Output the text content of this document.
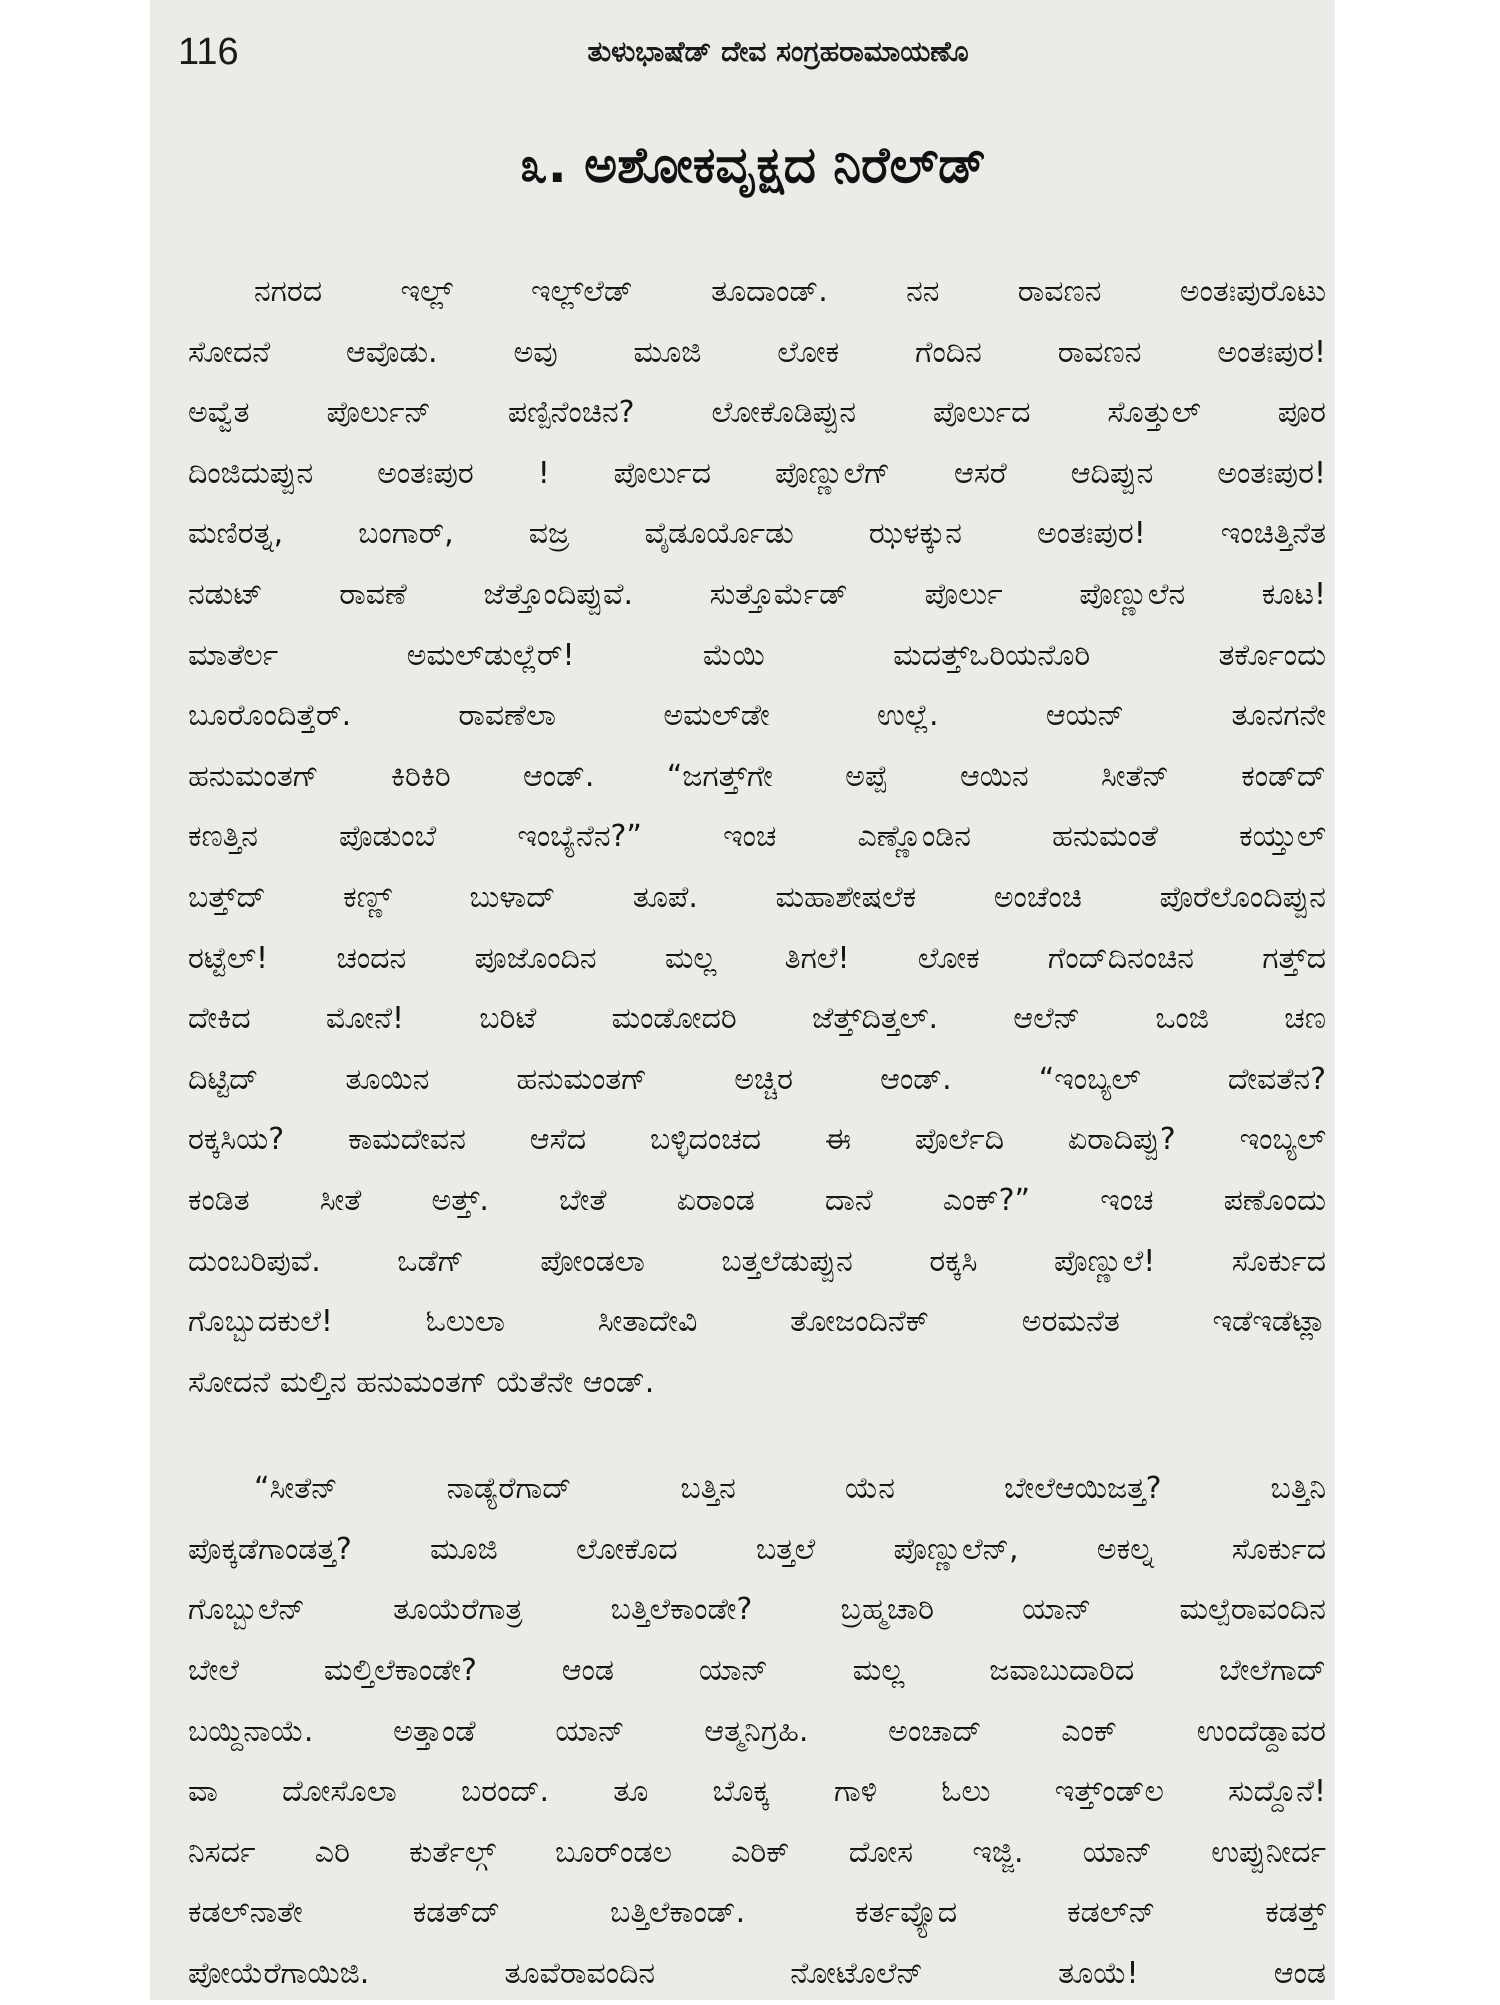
116	ತುಳುಭಾಷೆಡ್ ದೇವ ಸಂಗ್ರಹರಾಮಾಯಣೊ
೩. ಅಶೋಕವೃಕ್ಷದ ನಿರೆಲ್‌ಡ್
ನಗರದ ಇಲ್ಲ್ ಇಲ್ಲ್‌ಲೆಡ್ ತೂದಾಂಡ್. ನನ ರಾವಣನ ಅಂತಃಪುರೊಟು
ಸೋದನೆ ಆವೊಡು. ಅವು ಮೂಜಿ ಲೋಕ ಗೆಂದಿನ ರಾವಣನ ಅಂತಃಪುರ!
ಅವ್ವೆತ ಪೊರ್ಲುನ್ ಪಣ್ಪಿನೆಂಚಿನ? ಲೋಕೊಡಿಪ್ಪುನ ಪೊರ್ಲುದ ಸೊತ್ತುಲ್ ಪೂರ
ದಿಂಜಿದುಪ್ಪುನ ಅಂತಃಪುರ ! ಪೊರ್ಲುದ ಪೊಣ್ಣುಲೆಗ್ ಆಸರೆ ಆದಿಪ್ಪುನ ಅಂತಃಪುರ!
ಮಣಿರತ್ನ, ಬಂಗಾರ್, ವಜ್ರ ವೈಡೂರ್ಯೊಡು ಝಳಕ್ಕುನ ಅಂತಃಪುರ! ಇಂಚಿತ್ತಿನೆತ
ನಡುಟ್ ರಾವಣೆ ಜೆತ್ತೊಂದಿಪ್ಪುವೆ. ಸುತ್ತೊರ್ಮೆಡ್ ಪೊರ್ಲು ಪೊಣ್ಣುಲೆನ ಕೂಟ!
ಮಾತೆರ್ಲ ಅಮಲ್‌ಡುಲ್ಲೆರ್! ಮೆಯಿ ಮದತ್ತ್‌ಒರಿಯನೊರಿ ತರ್ಕೊಂದು
ಬೂರೊಂದಿತ್ತೆರ್. ರಾವಣೆಲಾ ಅಮಲ್‌ಡೇ ಉಲ್ಲೆ. ಆಯನ್ ತೂನಗನೇ
ಹನುಮಂತಗ್ ಕಿರಿಕಿರಿ ಆಂಡ್. “ಜಗತ್ತ್‌ಗೇ ಅಪ್ಪೆ ಆಯಿನ ಸೀತೆನ್ ಕಂಡ್‌ದ್
ಕಣತ್ತಿನ ಪೊಡುಂಬೆ ಇಂಬ್ಯೆನೆನ?” ಇಂಚ ಎಣ್ಣೊಂಡಿನ ಹನುಮಂತೆ ಕಯ್ತುಲ್
ಬತ್ತ್‌ದ್ ಕಣ್ಣ್ ಬುಳಾದ್ ತೂಪೆ. ಮಹಾಶೇಷಲೆಕ ಅಂಚೆಂಚಿ ಪೊರೆಲೊಂದಿಪ್ಪುನ
ರಟ್ಟೆಲ್! ಚಂದನ ಪೂಜೊಂದಿನ ಮಲ್ಲ ತಿಗಲೆ! ಲೋಕ ಗೆಂದ್‌ದಿನಂಚಿನ ಗತ್ತ್‌ದ
ದೇಕಿದ ಮೋನೆ! ಬರಿಟೆ ಮಂಡೋದರಿ ಜೆತ್ತ್‌ದಿತ್ತಲ್. ಆಲೆನ್ ಒಂಜಿ ಚಣ
ದಿಟ್ಟಿದ್ ತೂಯಿನ ಹನುಮಂತಗ್ ಅಚ್ಚಿರ ಆಂಡ್. “ಇಂಬ್ಯಲ್ ದೇವತೆನ?
ರಕ್ಕಸಿಯ? ಕಾಮದೇವನ ಆಸೆದ ಬಳ್ಳಿದಂಚದ ಈ ಪೊರ್ಲೆದಿ ಏರಾದಿಪ್ಪು? ಇಂಬ್ಯಲ್
ಕಂಡಿತ ಸೀತೆ ಅತ್ತ್. ಬೇತೆ ಏರಾಂಡ ದಾನೆ ಎಂಕ್?” ಇಂಚ ಪಣೊಂದು
ದುಂಬರಿಪುವೆ. ಒಡೆಗ್ ಪೋಂಡಲಾ ಬತ್ತಲೆಡುಪ್ಪುನ ರಕ್ಕಸಿ ಪೊಣ್ಣುಲೆ! ಸೊರ್ಕುದ
ಗೊಬ್ಬುದಕುಲೆ! ಓಲುಲಾ ಸೀತಾದೇವಿ ತೋಜಂದಿನೆಕ್ ಅರಮನೆತ ಇಡೆಇಡೆಟ್ಲಾ
ಸೋದನೆ ಮಲ್ತಿನ ಹನುಮಂತಗ್ ಯೆತೆನೇ ಆಂಡ್.
“ಸೀತೆನ್ ನಾಡ್ಯೆರೆಗಾದ್ ಬತ್ತಿನ ಯೆನ ಬೇಲೆಆಯಿಜತ್ತ? ಬತ್ತಿನಿ
ಪೊಕ್ಕಡೆಗಾಂಡತ್ತ? ಮೂಜಿ ಲೋಕೊದ ಬತ್ತಲೆ ಪೊಣ್ಣುಲೆನ್, ಅಕಲ್ನ ಸೊರ್ಕುದ
ಗೊಬ್ಬುಲೆನ್ ತೂಯೆರೆಗಾತ್ರ ಬತ್ತಿಲೆಕಾಂಡೇ? ಬ್ರಹ್ಮಚಾರಿ ಯಾನ್ ಮಲ್ಪೆರಾವಂದಿನ
ಬೇಲೆ ಮಲ್ತಿಲೆಕಾಂಡೇ? ಆಂಡ ಯಾನ್ ಮಲ್ಲ ಜವಾಬುದಾರಿದ ಬೇಲೆಗಾದ್
ಬಯ್ದಿನಾಯೆ. ಅತ್ತಾಂಡೆ ಯಾನ್ ಆತ್ಮನಿಗ್ರಹಿ. ಅಂಚಾದ್ ಎಂಕ್ ಉಂದೆಡ್ದಾವರ
ವಾ ದೋಸೊಲಾ ಬರಂದ್. ತೂ ಬೊಕ್ಕ ಗಾಳಿ ಓಲು ಇತ್ತ್‌ಂಡ್‌ಲ ಸುದ್ದೊನೆ!
ನಿಸರ್ದ ಎರಿ ಕುರ್ತೆಲ್ಗ್ ಬೂರ್‌ಂಡಲ ಎರಿಕ್ ದೋಸ ಇಜ್ಜಿ. ಯಾನ್ ಉಪ್ಪುನೀರ್ದ
ಕಡಲ್‌ನಾತೇ ಕಡತ್‌ದ್ ಬತ್ತಿಲೆಕಾಂಡ್. ಕರ್ತವ್ಯೊದ ಕಡಲ್‌ನ್ ಕಡತ್ತ್
ಪೋಯೆರೆಗಾಯಿಜಿ. ತೂವೆರಾವಂದಿನ ನೋಟೊಲೆನ್ ತೂಯೆ! ಆಂಡ
